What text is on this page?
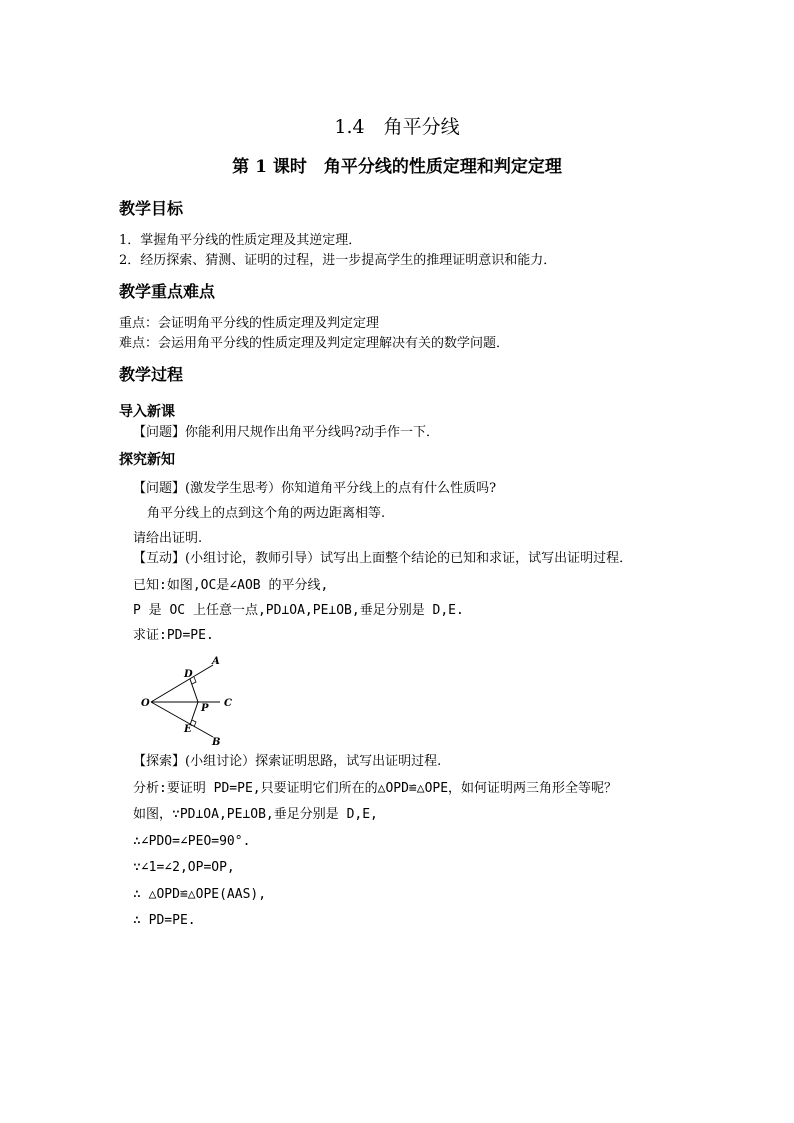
1.4　角平分线
第 1 课时　角平分线的性质定理和判定定理
教学目标
1．掌握角平分线的性质定理及其逆定理．
2．经历探索、猜测、证明的过程，进一步提高学生的推理证明意识和能力．
教学重点难点
重点：会证明角平分线的性质定理及判定定理
难点：会运用角平分线的性质定理及判定定理解决有关的数学问题．
教学过程
导入新课
【问题】你能利用尺规作出角平分线吗?动手作一下．
探究新知
【问题】(激发学生思考）你知道角平分线上的点有什么性质吗?
角平分线上的点到这个角的两边距离相等.
请给出证明.
【互动】(小组讨论，教师引导）试写出上面整个结论的已知和求证，试写出证明过程．
已知:如图,OC是∠AOB 的平分线,
P 是 OC 上任意一点,PD⊥OA,PE⊥OB,垂足分别是 D,E.
求证:PD=PE.
A
B
C
D
E
O	P
【探索】(小组讨论）探索证明思路，试写出证明过程.
分析:要证明 PD=PE,只要证明它们所在的△OPD≌△OPE，如何证明两三角形全等呢？
如图，∵PD⊥OA,PE⊥OB,垂足分别是 D,E,
∴∠PDO=∠PEO=90°.
∵∠1=∠2,OP=OP,
∴ △OPD≌△OPE(AAS),
∴ PD=PE.
